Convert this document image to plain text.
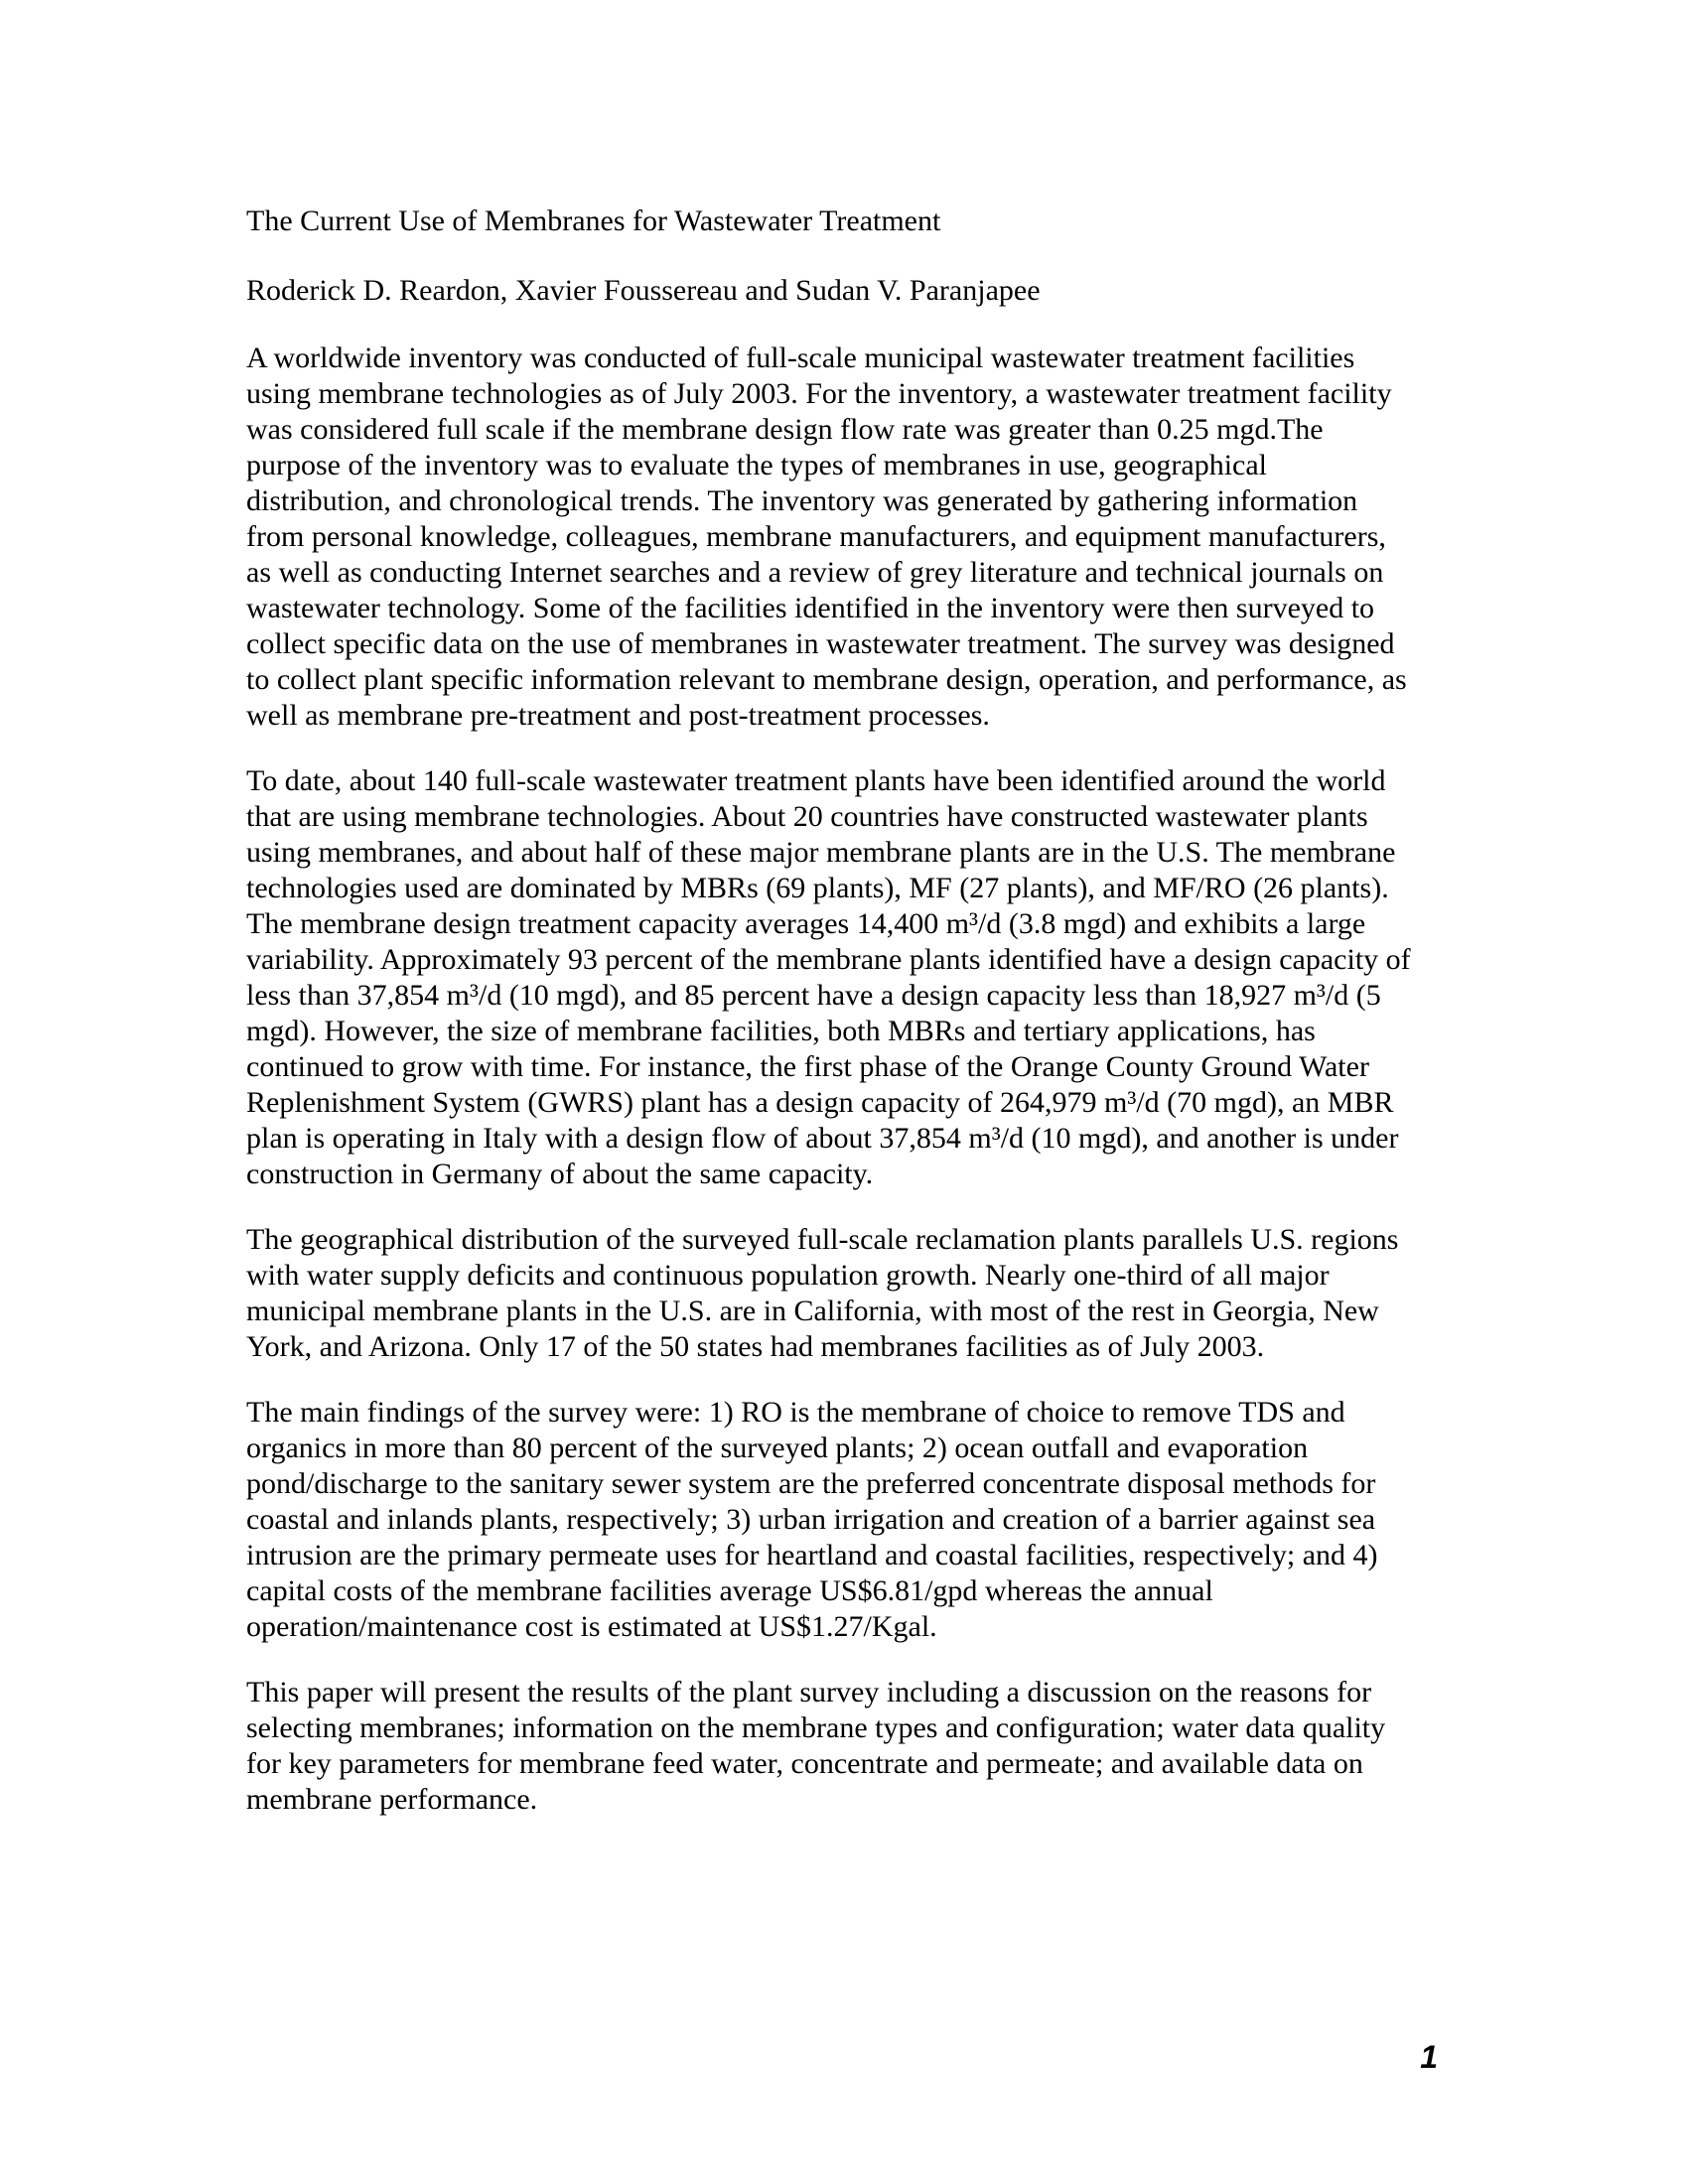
The Current Use of Membranes for Wastewater Treatment
Roderick D. Reardon, Xavier Foussereau and Sudan V. Paranjapee
A worldwide inventory was conducted of full-scale municipal wastewater treatment facilities
using membrane technologies as of July 2003. For the inventory, a wastewater treatment facility
was considered full scale if the membrane design flow rate was greater than 0.25 mgd.The
purpose of the inventory was to evaluate the types of membranes in use, geographical
distribution, and chronological trends. The inventory was generated by gathering information
from personal knowledge, colleagues, membrane manufacturers, and equipment manufacturers,
as well as conducting Internet searches and a review of grey literature and technical journals on
wastewater technology. Some of the facilities identified in the inventory were then surveyed to
collect specific data on the use of membranes in wastewater treatment. The survey was designed
to collect plant specific information relevant to membrane design, operation, and performance, as
well as membrane pre-treatment and post-treatment processes.
To date, about 140 full-scale wastewater treatment plants have been identified around the world
that are using membrane technologies. About 20 countries have constructed wastewater plants
using membranes, and about half of these major membrane plants are in the U.S. The membrane
technologies used are dominated by MBRs (69 plants), MF (27 plants), and MF/RO (26 plants).
The membrane design treatment capacity averages 14,400 m³/d (3.8 mgd) and exhibits a large
variability. Approximately 93 percent of the membrane plants identified have a design capacity of
less than 37,854 m³/d (10 mgd), and 85 percent have a design capacity less than 18,927 m³/d (5
mgd). However, the size of membrane facilities, both MBRs and tertiary applications, has
continued to grow with time. For instance, the first phase of the Orange County Ground Water
Replenishment System (GWRS) plant has a design capacity of 264,979 m³/d (70 mgd), an MBR
plan is operating in Italy with a design flow of about 37,854 m³/d (10 mgd), and another is under
construction in Germany of about the same capacity.
The geographical distribution of the surveyed full-scale reclamation plants parallels U.S. regions
with water supply deficits and continuous population growth. Nearly one-third of all major
municipal membrane plants in the U.S. are in California, with most of the rest in Georgia, New
York, and Arizona. Only 17 of the 50 states had membranes facilities as of July 2003.
The main findings of the survey were: 1) RO is the membrane of choice to remove TDS and
organics in more than 80 percent of the surveyed plants; 2) ocean outfall and evaporation
pond/discharge to the sanitary sewer system are the preferred concentrate disposal methods for
coastal and inlands plants, respectively; 3) urban irrigation and creation of a barrier against sea
intrusion are the primary permeate uses for heartland and coastal facilities, respectively; and 4)
capital costs of the membrane facilities average US$6.81/gpd whereas the annual
operation/maintenance cost is estimated at US$1.27/Kgal.
This paper will present the results of the plant survey including a discussion on the reasons for
selecting membranes; information on the membrane types and configuration; water data quality
for key parameters for membrane feed water, concentrate and permeate; and available data on
membrane performance.
1
